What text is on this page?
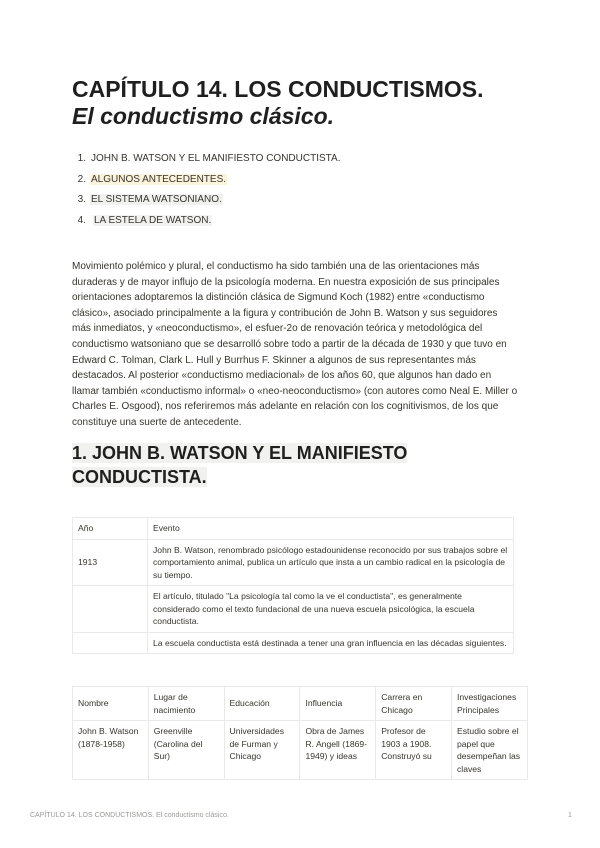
CAPÍTULO 14. LOS CONDUCTISMOS.
El conductismo clásico.
1. JOHN B. WATSON Y EL MANIFIESTO CONDUCTISTA.
2. ALGUNOS ANTECEDENTES.
3. EL SISTEMA WATSONIANO.
4. LA ESTELA DE WATSON.

Movimiento polémico y plural, el conductismo ha sido también una de las orientaciones más duraderas y de mayor influjo de la psicología moderna. En nuestra exposición de sus principales orientaciones adoptaremos la distinción clásica de Sigmund Koch (1982) entre «conductismo clásico», asociado principalmente a la figura y contribución de John B. Watson y sus seguidores más inmediatos, y «neoconductismo», el esfuer-2o de renovación teórica y metodológica del conductismo watsoniano que se desarrolló sobre todo a partir de la década de 1930 y que tuvo en Edward C. Tolman, Clark L. Hull y Burrhus F. Skinner a algunos de sus representantes más destacados. Al posterior «conductismo mediacional» de los años 60, que algunos han dado en llamar también «conductismo informal» o «neo-neoconductismo» (con autores como Neal E. Miller o Charles E. Osgood), nos referiremos más adelante en relación con los cognitivismos, de los que constituye una suerte de antecedente.

1. JOHN B. WATSON Y EL MANIFIESTO CONDUCTISTA.
Año	Evento
1913	John B. Watson, renombrado psicólogo estadounidense reconocido por sus trabajos sobre el comportamiento animal, publica un artículo que insta a un cambio radical en la psicología de su tiempo.
	El artículo, titulado "La psicología tal como la ve el conductista", es generalmente considerado como el texto fundacional de una nueva escuela psicológica, la escuela conductista.
	La escuela conductista está destinada a tener una gran influencia en las décadas siguientes.
Nombre	Lugar de nacimiento	Educación	Influencia	Carrera en Chicago	Investigaciones Principales
John B. Watson (1878-1958)	Greenville (Carolina del Sur)	Universidades de Furman y Chicago	Obra de James R. Angell (1869-1949) y ideas	Profesor de 1903 a 1908. Construyó su	Estudio sobre el papel que desempeñan las claves
CAPÍTULO 14. LOS CONDUCTISMOS. El conductismo clásico.	1
